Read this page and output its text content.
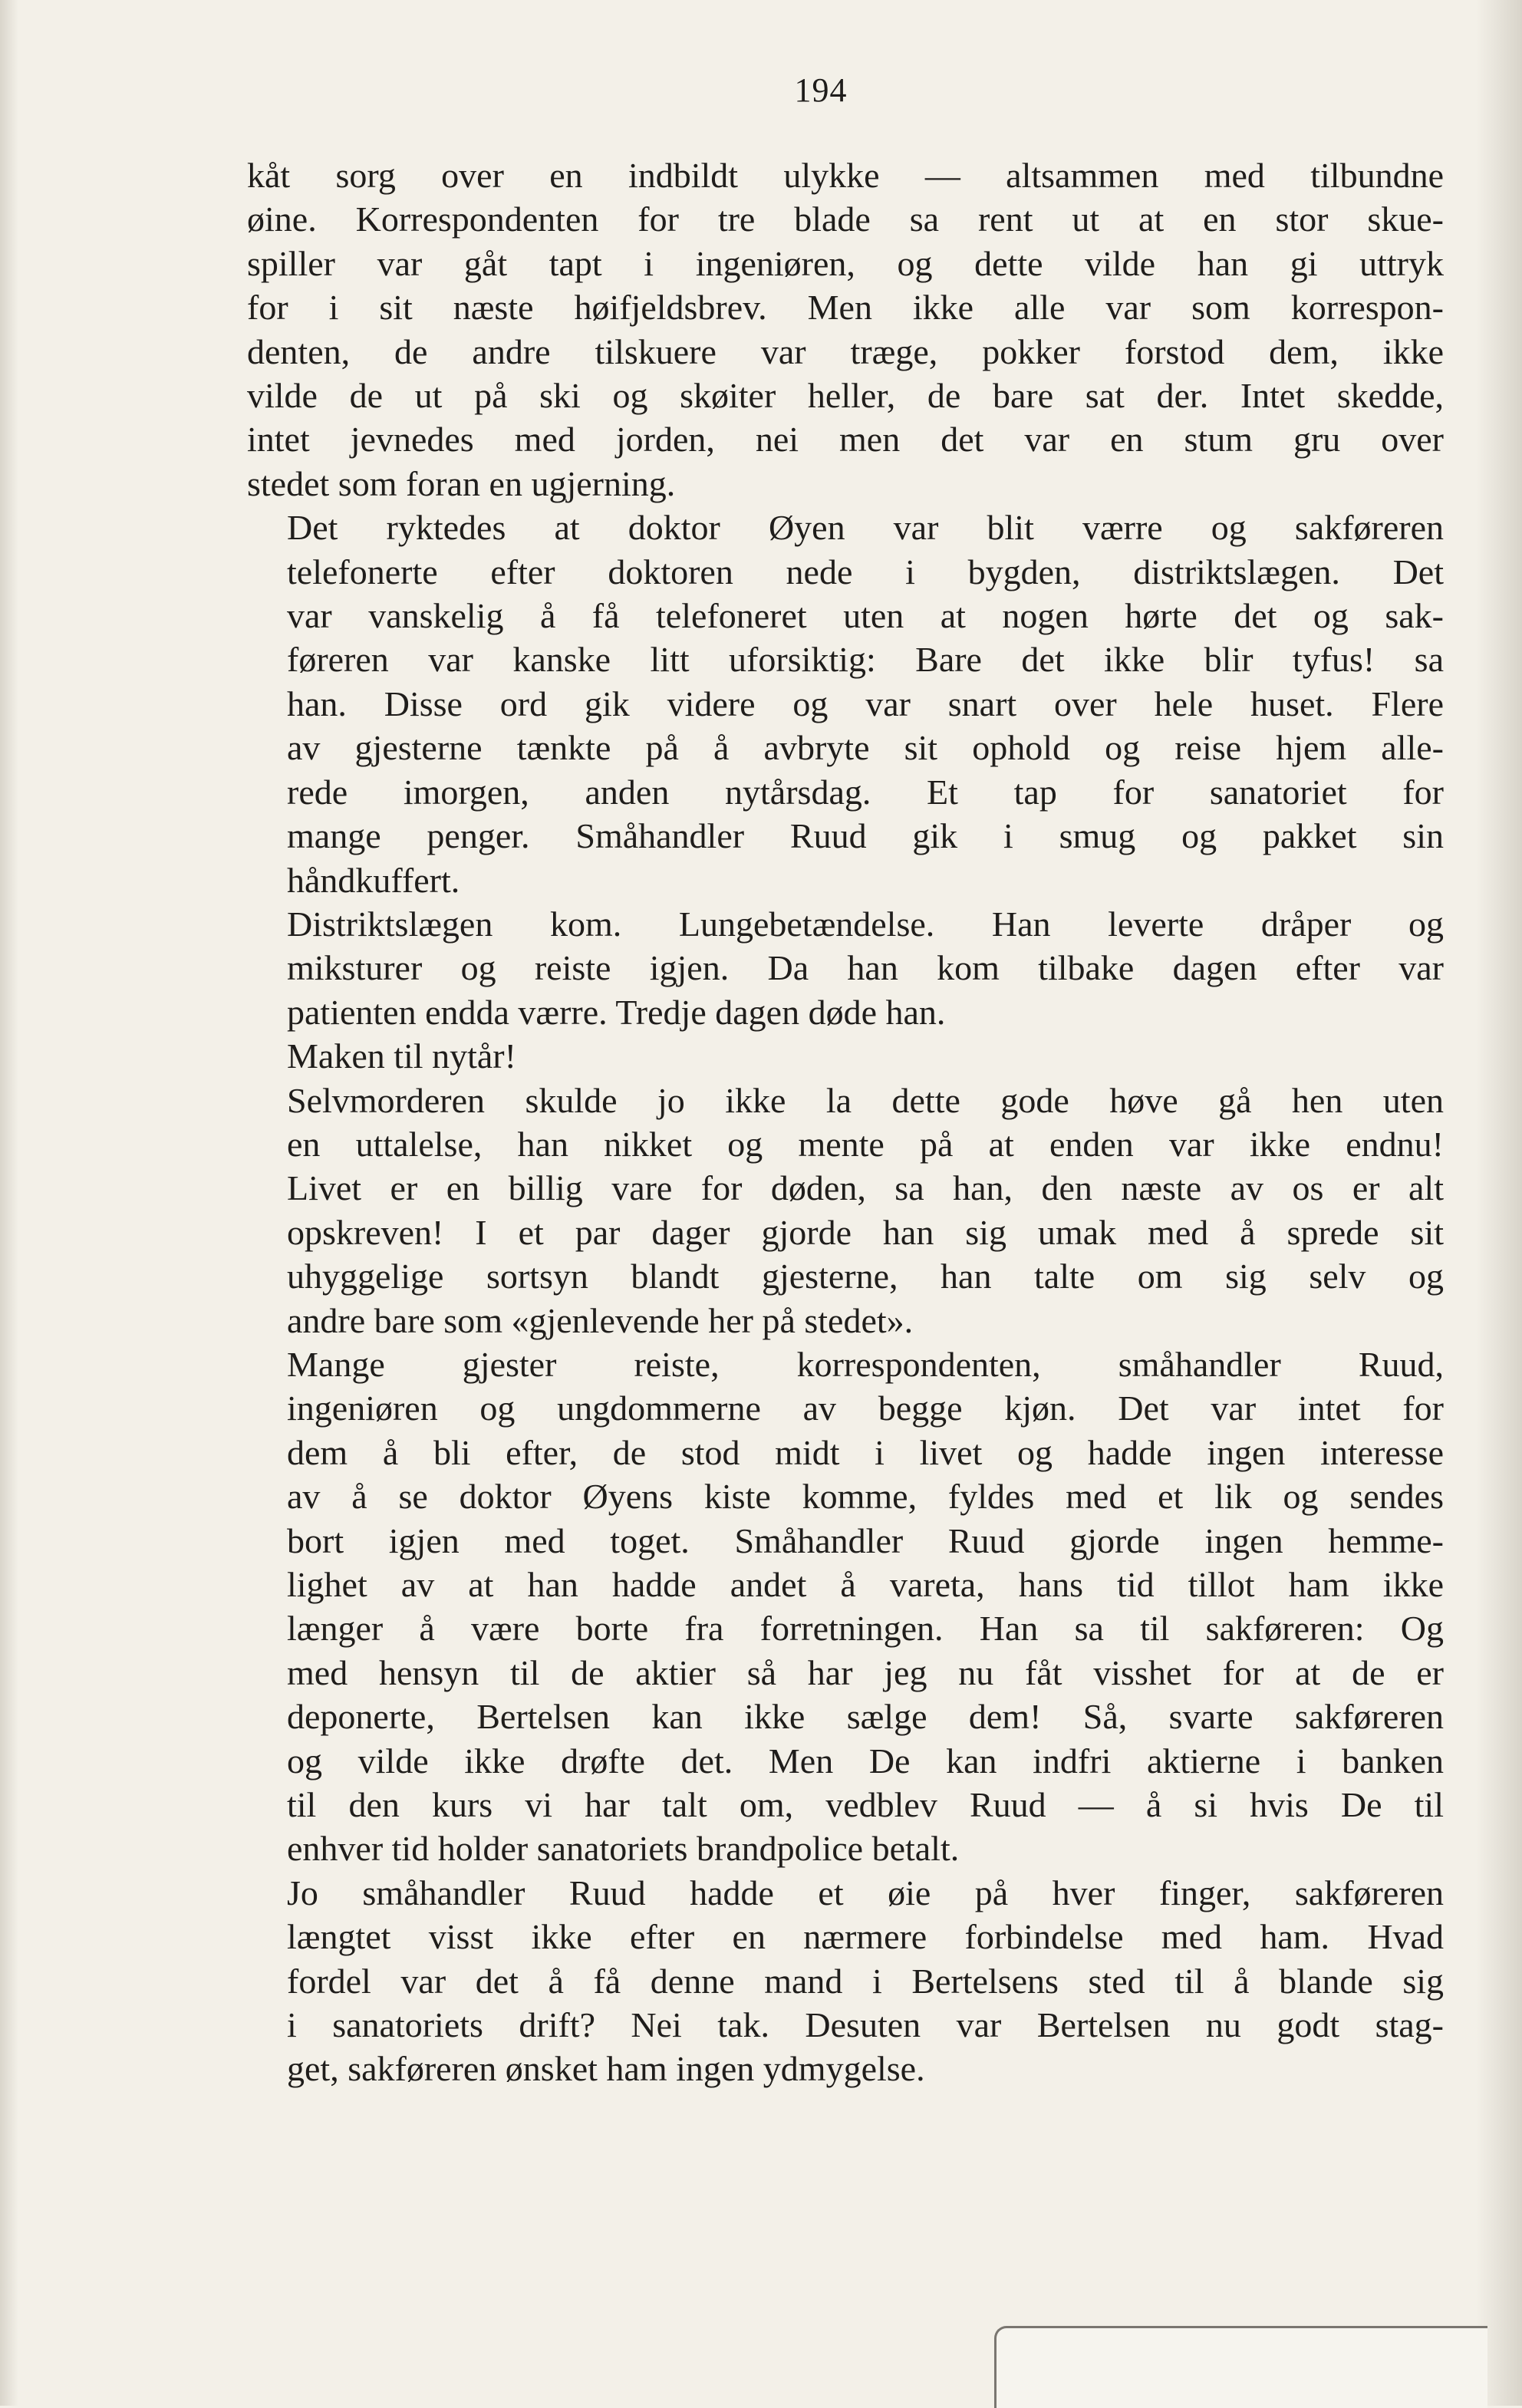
194

kåt sorg over en indbildt ulykke — altsammen med tilbundne
øine. Korrespondenten for tre blade sa rent ut at en stor skue-
spiller var gåt tapt i ingeniøren, og dette vilde han gi uttryk
for i sit næste høifjeldsbrev. Men ikke alle var som korrespon-
denten, de andre tilskuere var træge, pokker forstod dem, ikke
vilde de ut på ski og skøiter heller, de bare sat der. Intet skedde,
intet jevnedes med jorden, nei men det var en stum gru over
stedet som foran en ugjerning.

Det ryktedes at doktor Øyen var blit værre og sakføreren
telefonerte efter doktoren nede i bygden, distriktslægen. Det
var vanskelig å få telefoneret uten at nogen hørte det og sak-
føreren var kanske litt uforsiktig: Bare det ikke blir tyfus! sa
han. Disse ord gik videre og var snart over hele huset. Flere
av gjesterne tænkte på å avbryte sit ophold og reise hjem alle-
rede imorgen, anden nytårsdag. Et tap for sanatoriet for
mange penger. Småhandler Ruud gik i smug og pakket sin
håndkuffert.

Distriktslægen kom. Lungebetændelse. Han leverte dråper og
miksturer og reiste igjen. Da han kom tilbake dagen efter var
patienten endda værre. Tredje dagen døde han.

Maken til nytår!

Selvmorderen skulde jo ikke la dette gode høve gå hen uten
en uttalelse, han nikket og mente på at enden var ikke endnu!
Livet er en billig vare for døden, sa han, den næste av os er alt
opskreven! I et par dager gjorde han sig umak med å sprede sit
uhyggelige sortsyn blandt gjesterne, han talte om sig selv og
andre bare som «gjenlevende her på stedet».

Mange gjester reiste, korrespondenten, småhandler Ruud,
ingeniøren og ungdommerne av begge kjøn. Det var intet for
dem å bli efter, de stod midt i livet og hadde ingen interesse
av å se doktor Øyens kiste komme, fyldes med et lik og sendes
bort igjen med toget. Småhandler Ruud gjorde ingen hemme-
lighet av at han hadde andet å vareta, hans tid tillot ham ikke
længer å være borte fra forretningen. Han sa til sakføreren: Og
med hensyn til de aktier så har jeg nu fåt visshet for at de er
deponerte, Bertelsen kan ikke sælge dem! Så, svarte sakføreren
og vilde ikke drøfte det. Men De kan indfri aktierne i banken
til den kurs vi har talt om, vedblev Ruud — å si hvis De til
enhver tid holder sanatoriets brandpolice betalt.

Jo småhandler Ruud hadde et øie på hver finger, sakføreren
længtet visst ikke efter en nærmere forbindelse med ham. Hvad
fordel var det å få denne mand i Bertelsens sted til å blande sig
i sanatoriets drift? Nei tak. Desuten var Bertelsen nu godt stag-
get, sakføreren ønsket ham ingen ydmygelse.
